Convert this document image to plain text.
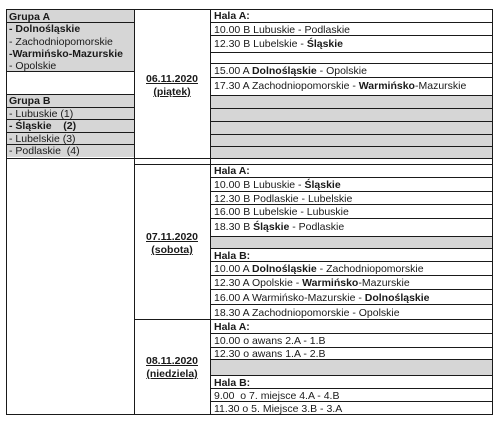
Grupa A
- Dolnośląskie
- Zachodniopomorskie
-Warmińsko-Mazurskie
- Opolskie
Grupa B
- Lubuskie (1)
- Śląskie    (2)
- Lubelskie (3)
- Podlaskie  (4)
06.11.2020
(piątek)
07.11.2020
(sobota)
08.11.2020
(niedziela)
Hala A:
10.00 B Lubuskie - Podlaskie
12.30 B Lubelskie - Śląskie
15.00 A Dolnośląskie - Opolskie
17.30 A Zachodniopomorskie - Warmińsko-Mazurskie
Hala A:
10.00 B Lubuskie - Śląskie
12.30 B Podlaskie - Lubelskie
16.00 B Lubelskie - Lubuskie
18.30 B Śląskie - Podlaskie
Hala B:
10.00 A Dolnośląskie - Zachodniopomorskie
12.30 A Opolskie - Warmińsko-Mazurskie
16.00 A Warmińsko-Mazurskie - Dolnośląskie
18.30 A Zachodniopomorskie - Opolskie
Hala A:
10.00 o awans 2.A - 1.B
12.30 o awans 1.A - 2.B
Hala B:
9.00  o 7. miejsce 4.A - 4.B
11.30 o 5. Miejsce 3.B - 3.A
